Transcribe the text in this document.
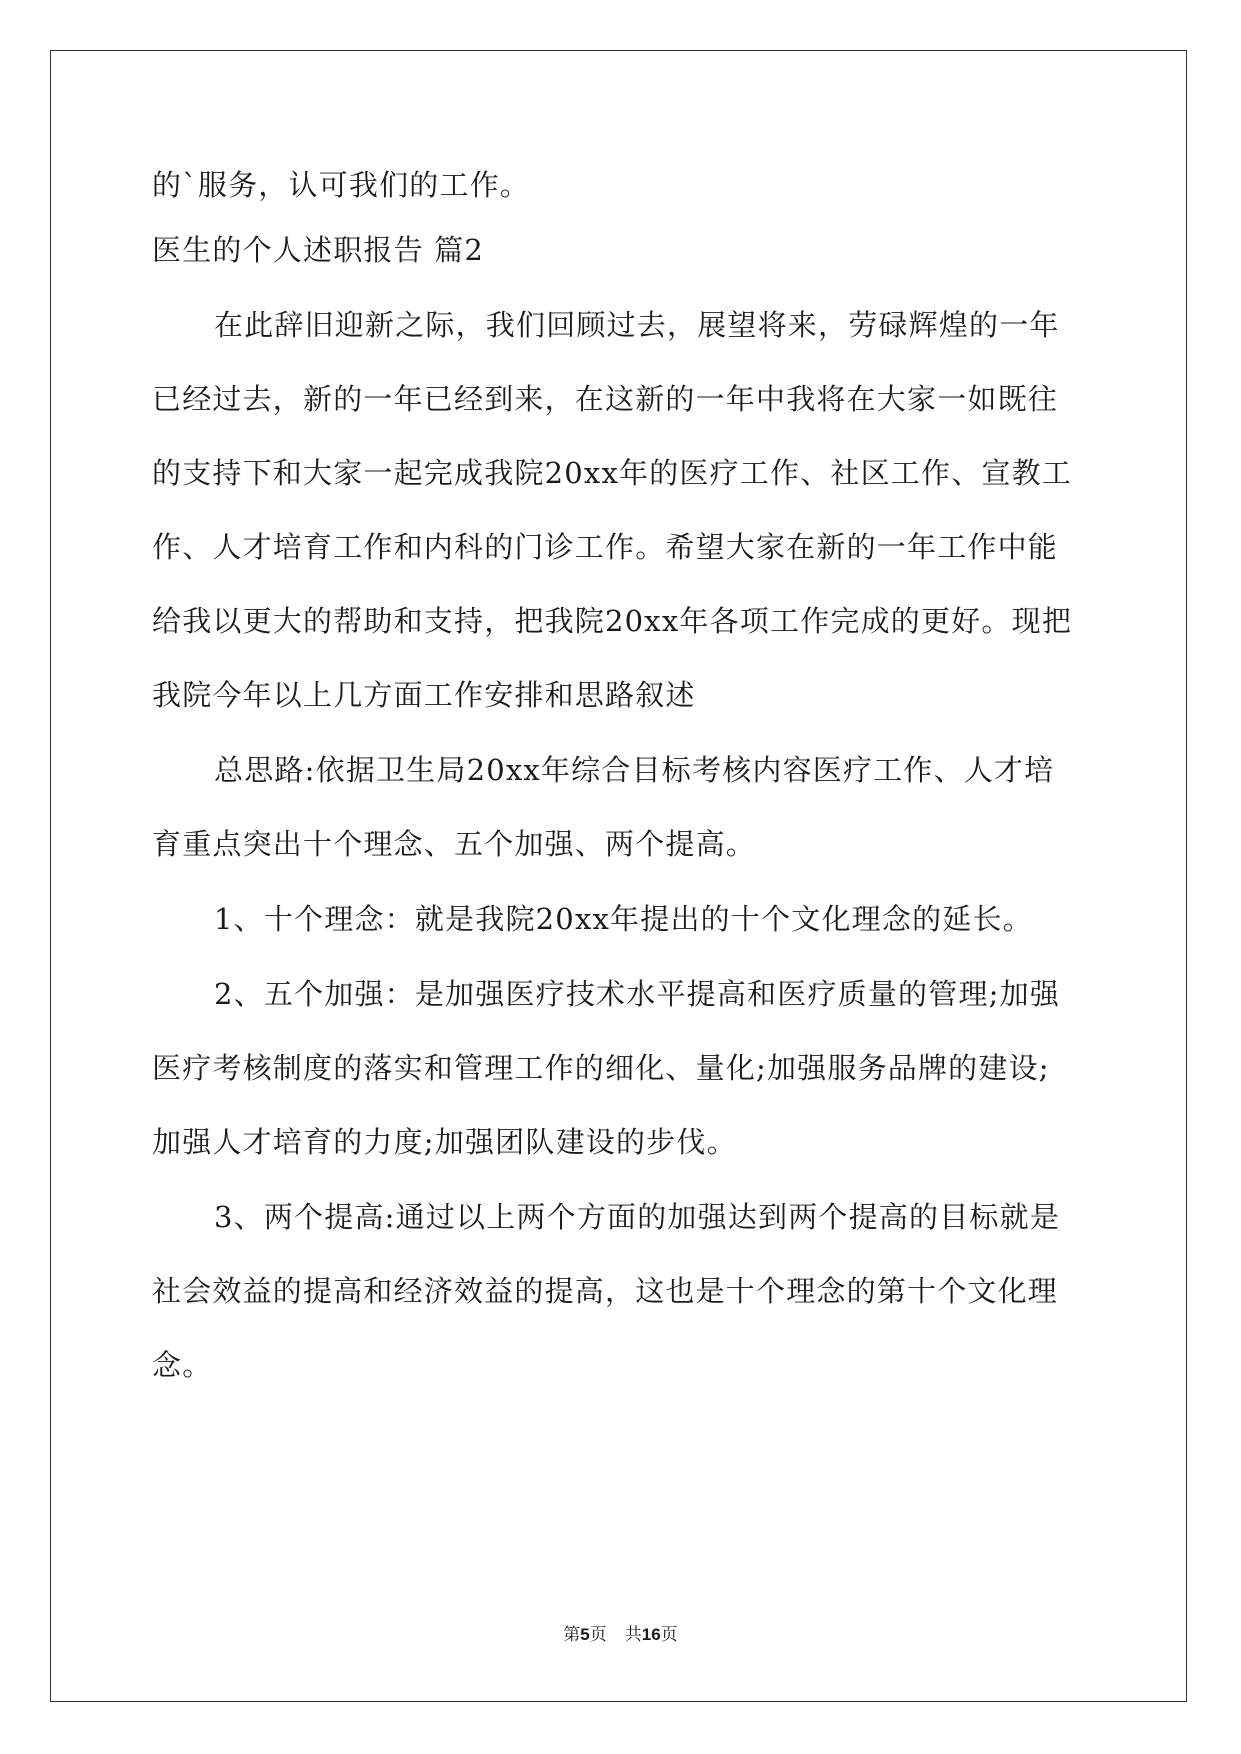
的`服务，认可我们的工作。
医生的个人述职报告 篇2
在此辞旧迎新之际，我们回顾过去，展望将来，劳碌辉煌的一年
已经过去，新的一年已经到来，在这新的一年中我将在大家一如既往
的支持下和大家一起完成我院20xx年的医疗工作、社区工作、宣教工
作、人才培育工作和内科的门诊工作。希望大家在新的一年工作中能
给我以更大的帮助和支持，把我院20xx年各项工作完成的更好。现把
我院今年以上几方面工作安排和思路叙述
总思路:依据卫生局20xx年综合目标考核内容医疗工作、人才培
育重点突出十个理念、五个加强、两个提高。
1、十个理念：就是我院20xx年提出的十个文化理念的延长。
2、五个加强：是加强医疗技术水平提高和医疗质量的管理;加强
医疗考核制度的落实和管理工作的细化、量化;加强服务品牌的建设;
加强人才培育的力度;加强团队建设的步伐。
3、两个提高:通过以上两个方面的加强达到两个提高的目标就是
社会效益的提高和经济效益的提高，这也是十个理念的第十个文化理
念。
第5页 共16页
